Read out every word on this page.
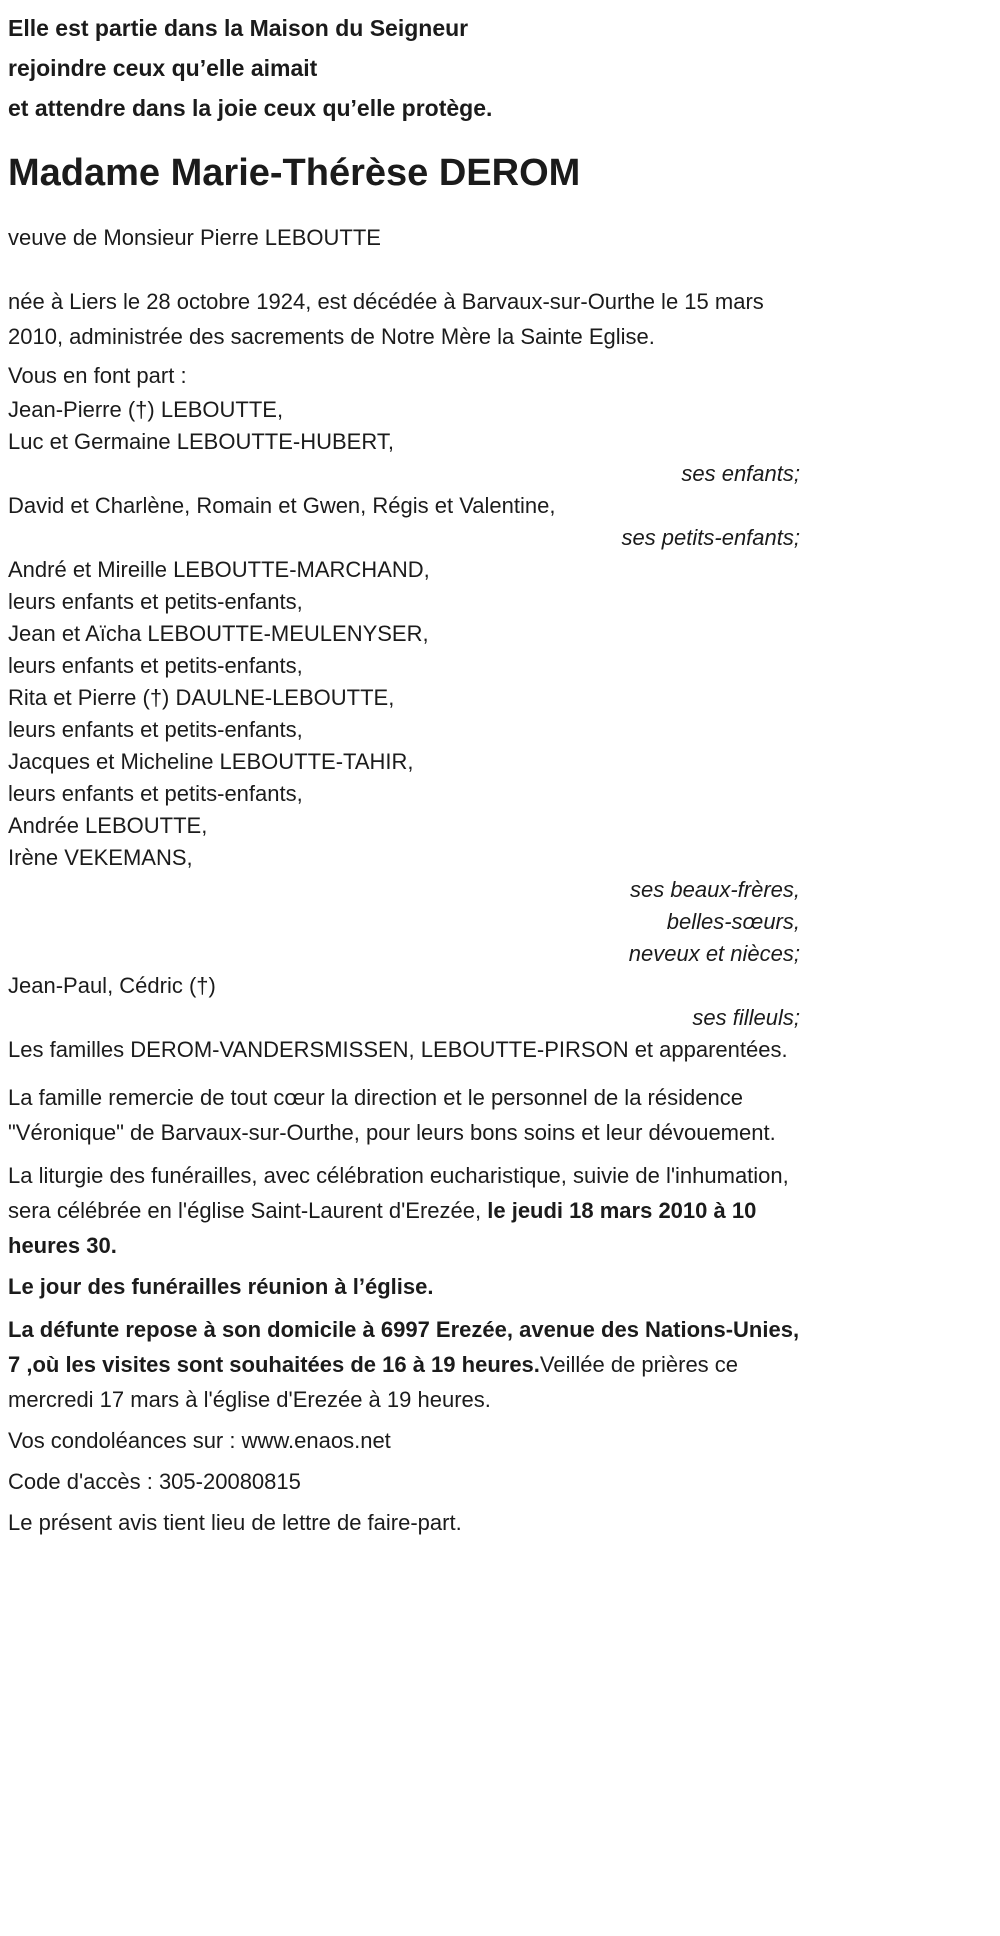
Elle est partie dans la Maison du Seigneur

rejoindre ceux qu’elle aimait

et attendre dans la joie ceux qu’elle protège.

Madame Marie-Thérèse DEROM

veuve de Monsieur Pierre LEBOUTTE

née à Liers le 28 octobre 1924, est décédée à Barvaux-sur-Ourthe le 15 mars 2010, administrée des sacrements de Notre Mère la Sainte Eglise.

Vous en font part :

Jean-Pierre (†) LEBOUTTE,

Luc et Germaine LEBOUTTE-HUBERT,

ses enfants;

David et Charlène, Romain et Gwen, Régis et Valentine,

ses petits-enfants;

André et Mireille LEBOUTTE-MARCHAND,

leurs enfants et petits-enfants,

Jean et Aïcha LEBOUTTE-MEULENYSER,

leurs enfants et petits-enfants,

Rita et Pierre (†) DAULNE-LEBOUTTE,

leurs enfants et petits-enfants,

Jacques et Micheline LEBOUTTE-TAHIR,

leurs enfants et petits-enfants,

Andrée LEBOUTTE,

Irène VEKEMANS,

ses beaux-frères,

belles-sœurs,

neveux et nièces;

Jean-Paul, Cédric (†)

ses filleuls;

Les familles DEROM-VANDERSMISSEN, LEBOUTTE-PIRSON et apparentées.

La famille remercie de tout cœur la direction et le personnel de la résidence "Véronique" de Barvaux-sur-Ourthe, pour leurs bons soins et leur dévouement.

La liturgie des funérailles, avec célébration eucharistique, suivie de l'inhumation, sera célébrée en l'église Saint-Laurent d'Erezée, le jeudi 18 mars 2010 à 10 heures 30.

Le jour des funérailles réunion à l’église.

La défunte repose à son domicile à 6997 Erezée, avenue des Nations-Unies, 7 ,où les visites sont souhaitées de 16 à 19 heures.Veillée de prières ce mercredi 17 mars à l'église d'Erezée à 19 heures.

Vos condoléances sur : www.enaos.net

Code d'accès : 305-20080815

Le présent avis tient lieu de lettre de faire-part.
